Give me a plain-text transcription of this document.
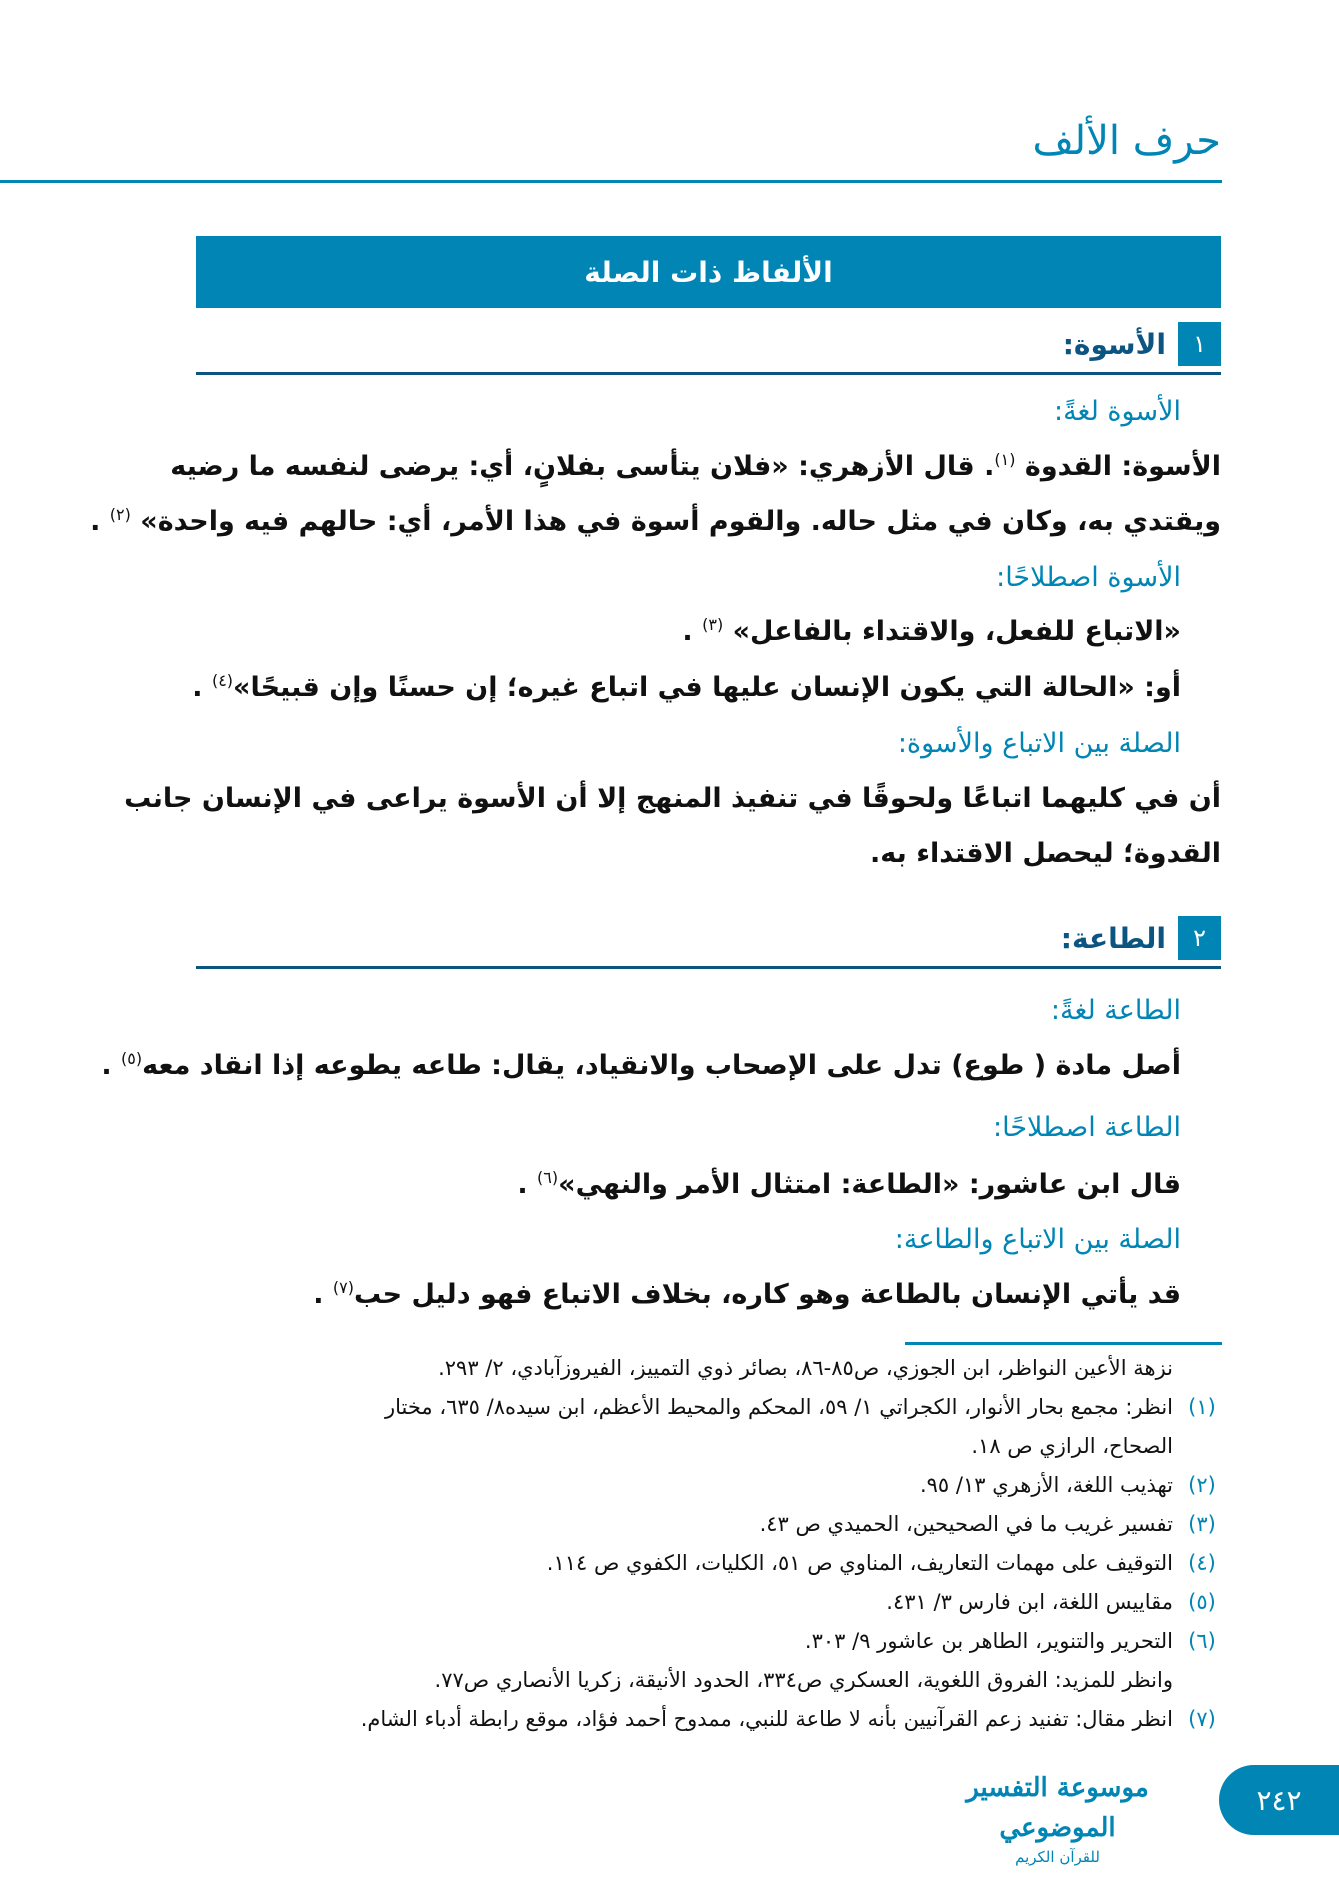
حرف الألف
الألفاظ ذات الصلة
١
الأسوة:
الأسوة لغةً:
الأسوة: القدوة $^{(١)}$. قال الأزهري: «فلان يتأسى بفلانٍ، أي: يرضى لنفسه ما رضيه
ويقتدي به، وكان في مثل حاله. والقوم أسوة في هذا الأمر، أي: حالهم فيه واحدة» $^{(٢)}$ .
الأسوة اصطلاحًا:
«الاتباع للفعل، والاقتداء بالفاعل» $^{(٣)}$ .
أو: «الحالة التي يكون الإنسان عليها في اتباع غيره؛ إن حسنًا وإن قبيحًا»$^{(٤)}$ .
الصلة بين الاتباع والأسوة:
أن في كليهما اتباعًا ولحوقًا في تنفيذ المنهج إلا أن الأسوة يراعى في الإنسان جانب
القدوة؛ ليحصل الاقتداء به.
٢
الطاعة:
الطاعة لغةً:
أصل مادة ( طوع) تدل على الإصحاب والانقياد، يقال: طاعه يطوعه إذا انقاد معه$^{(٥)}$ .
الطاعة اصطلاحًا:
قال ابن عاشور: «الطاعة: امتثال الأمر والنهي»$^{(٦)}$ .
الصلة بين الاتباع والطاعة:
قد يأتي الإنسان بالطاعة وهو كاره، بخلاف الاتباع فهو دليل حب$^{(٧)}$ .
نزهة الأعين النواظر، ابن الجوزي، ص٨٥-٨٦، بصائر ذوي التمييز، الفيروزآبادي، ٢/ ٢٩٣.
(١)
انظر: مجمع بحار الأنوار، الكجراتي ١/ ٥٩، المحكم والمحيط الأعظم، ابن سيده٨/ ٦٣٥، مختار
الصحاح، الرازي ص ١٨.
(٢)
تهذيب اللغة، الأزهري ١٣/ ٩٥.
(٣)
تفسير غريب ما في الصحيحين، الحميدي ص ٤٣.
(٤)
التوقيف على مهمات التعاريف، المناوي ص ٥١، الكليات، الكفوي ص ١١٤.
(٥)
مقاييس اللغة، ابن فارس ٣/ ٤٣١.
(٦)
التحرير والتنوير، الطاهر بن عاشور ٩/ ٣٠٣.
وانظر للمزيد: الفروق اللغوية، العسكري ص٣٣٤، الحدود الأنيقة، زكريا الأنصاري ص٧٧.
(٧)
انظر مقال: تفنيد زعم القرآنيين بأنه لا طاعة للنبي، ممدوح أحمد فؤاد، موقع رابطة أدباء الشام.
موسوعة التفسير الموضوعي
للقرآن الكريم
٢٤٢
